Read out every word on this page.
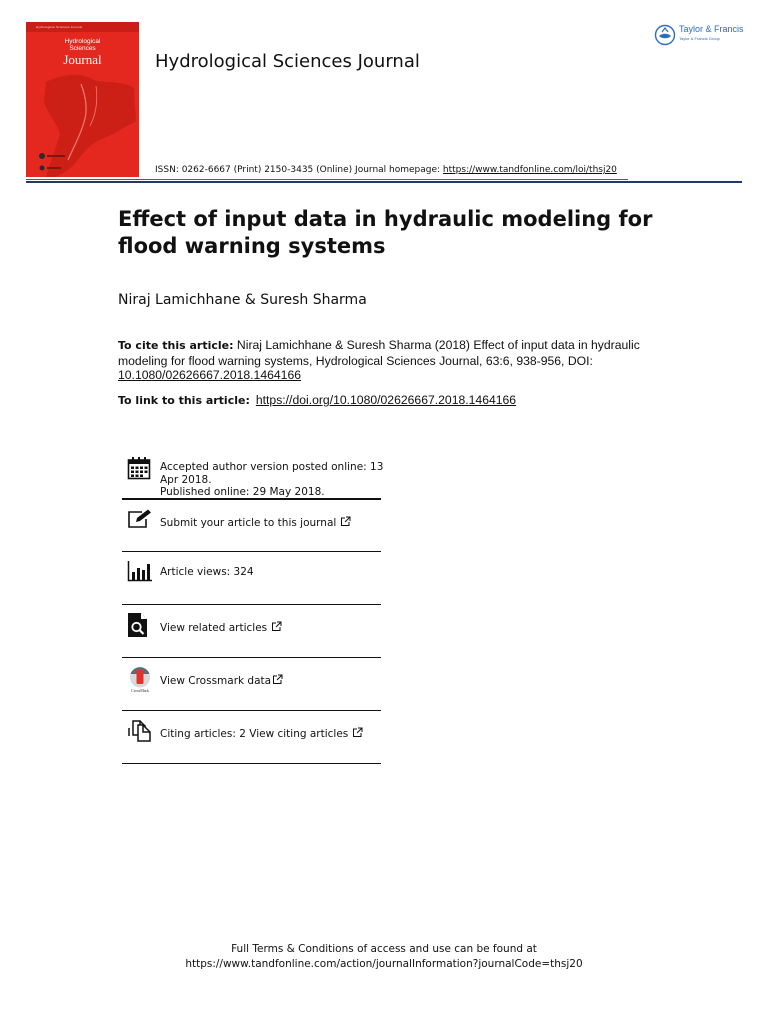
Hydrological Sciences Journal
Hydrological
Sciences
Journal	Hydrological Sciences Journal
Taylor & Francis
Taylor & Francis Group
ISSN: 0262-6667 (Print) 2150-3435 (Online) Journal homepage: https://www.tandfonline.com/loi/thsj20
Effect of input data in hydraulic modeling for flood warning systems
Niraj Lamichhane & Suresh Sharma
To cite this article: Niraj Lamichhane & Suresh Sharma (2018) Effect of input data in hydraulic modeling for flood warning systems, Hydrological Sciences Journal, 63:6, 938-956, DOI:
10.1080/02626667.2018.1464166
To link to this article: https://doi.org/10.1080/02626667.2018.1464166
Accepted author version posted online: 13
Apr 2018.
Published online: 29 May 2018.
Submit your article to this journal
Article views: 324
View related articles
CrossMark
View Crossmark data
Citing articles: 2 View citing articles
Full Terms & Conditions of access and use can be found at
https://www.tandfonline.com/action/journalInformation?journalCode=thsj20
